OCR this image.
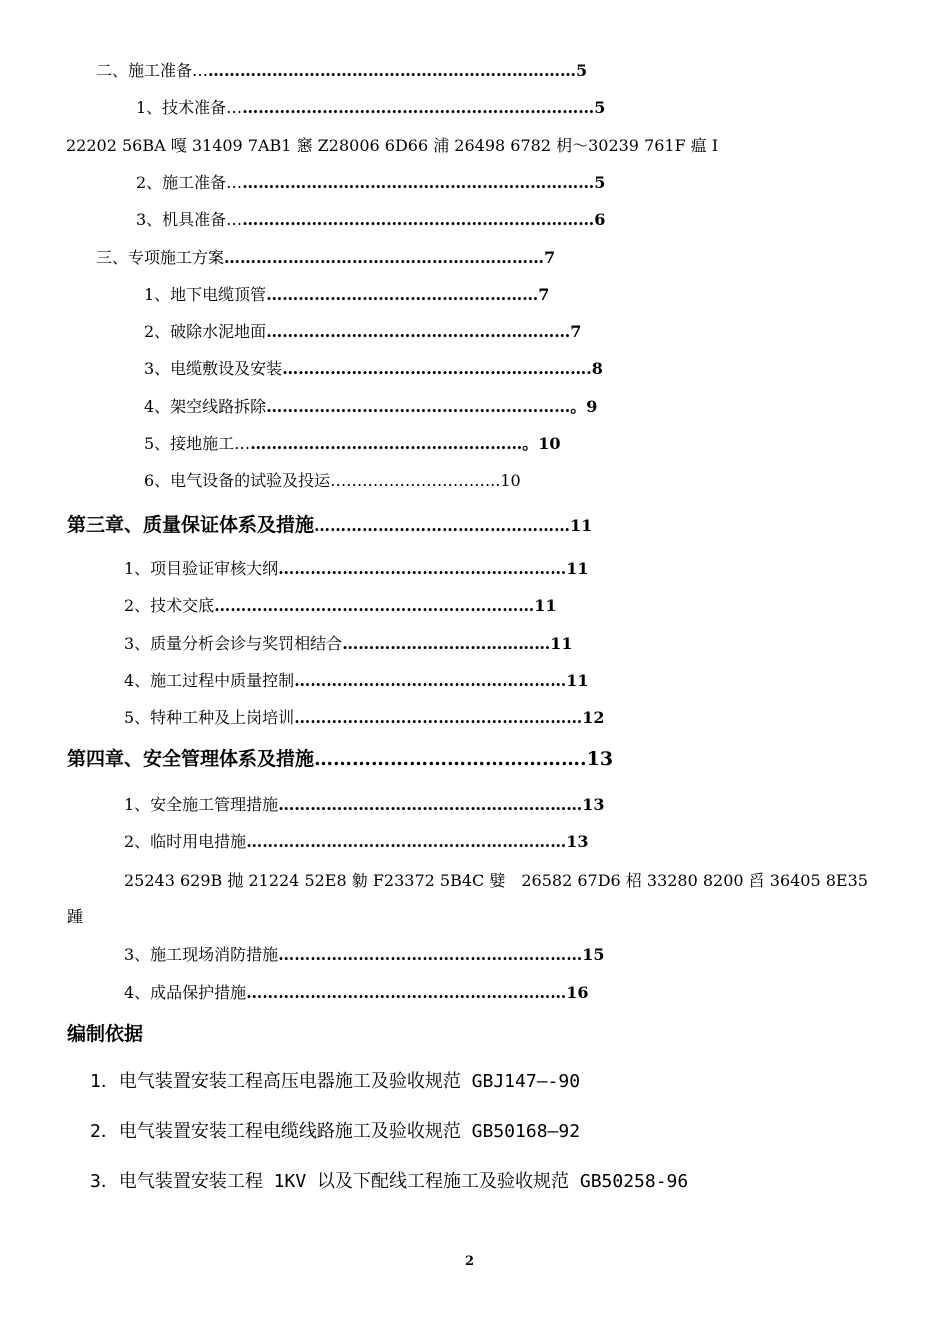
二、施工准备………………………………………………………………5
1、技术准备……………………………………………………………5
22202 56BA 嘎 31409 7AB1 窸 Z28006 6D66 浦 26498 6782 枂～30239 761F 瘟 I
2、施工准备……………………………………………………………5
3、机具准备……………………………………………………………6
三、专项施工方案……………………………………………………7
1、地下电缆顶管……………………………………………7
2、破除水泥地面…………………………………………………7
3、电缆敷设及安装………………………………………………….8
4、架空线路拆除…………………………………………………。9
5、接地施工………………………………………………。10
6、电气设备的试验及投运…………………………..10
第三章、质量保证体系及措施…………………………………………11
1、项目验证审核大纲………………………………………………11
2、技术交底……………………………………………………11
3、质量分析会诊与奖罚相结合…………………………………11
4、施工过程中质量控制……………………………………………11
5、特种工种及上岗培训………………………………………………12
第四章、安全管理体系及措施…………………………………….13
1、安全施工管理措施…………………………………………………13
2、临时用电措施……………………………………………………13
25243 629B 抛 21224 52E8 勨 F23372 5B4C 嬖　26582 67D6 柖 33280 8200 舀 36405 8E35
踵
3、施工现场消防措施…………………………………………………15
4、成品保护措施……………………………………………………16
编制依据
1．电气装置安装工程高压电器施工及验收规范 GBJ147—-90
2．电气装置安装工程电缆线路施工及验收规范 GB50168—92
3．电气装置安装工程 1KV 以及下配线工程施工及验收规范 GB50258-96
2
